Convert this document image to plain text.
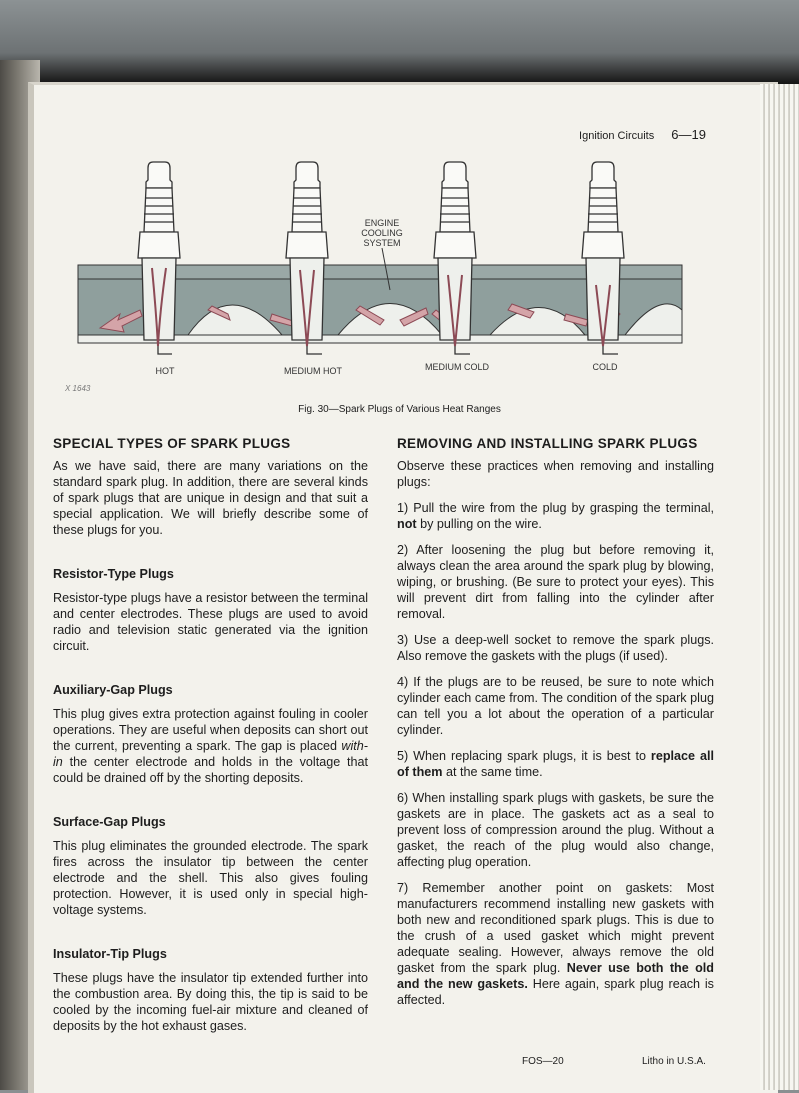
Ignition Circuits 6—19
ENGINE
COOLING
SYSTEM
HOT	MEDIUM HOT	MEDIUM COLD	COLD
X 1643
Fig. 30—Spark Plugs of Various Heat Ranges
SPECIAL TYPES OF SPARK PLUGS

As we have said, there are many variations on the standard spark plug. In addition, there are several kinds of spark plugs that are unique in design and that suit a special application. We will briefly describe some of these plugs for you.

Resistor-Type Plugs

Resistor-type plugs have a resistor between the terminal and center electrodes. These plugs are used to avoid radio and television static generated via the ignition circuit.

Auxiliary-Gap Plugs

This plug gives extra protection against fouling in cooler operations. They are useful when deposits can short out the current, preventing a spark. The gap is placed with-in the center electrode and holds in the voltage that could be drained off by the shorting deposits.

Surface-Gap Plugs

This plug eliminates the grounded electrode. The spark fires across the insulator tip between the center electrode and the shell. This also gives fouling protection. However, it is used only in special high-voltage systems.

Insulator-Tip Plugs

These plugs have the insulator tip extended further into the combustion area. By doing this, the tip is said to be cooled by the incoming fuel-air mixture and cleaned of deposits by the hot exhaust gases.

REMOVING AND INSTALLING SPARK PLUGS

Observe these practices when removing and installing plugs:

1) Pull the wire from the plug by grasping the terminal, not by pulling on the wire.

2) After loosening the plug but before removing it, always clean the area around the spark plug by blowing, wiping, or brushing. (Be sure to protect your eyes). This will prevent dirt from falling into the cylinder after removal.

3) Use a deep-well socket to remove the spark plugs. Also remove the gaskets with the plugs (if used).

4) If the plugs are to be reused, be sure to note which cylinder each came from. The condition of the spark plug can tell you a lot about the operation of a particular cylinder.

5) When replacing spark plugs, it is best to replace all of them at the same time.

6) When installing spark plugs with gaskets, be sure the gaskets are in place. The gaskets act as a seal to prevent loss of compression around the plug. Without a gasket, the reach of the plug would also change, affecting plug operation.

7) Remember another point on gaskets: Most manufacturers recommend installing new gaskets with both new and reconditioned spark plugs. This is due to the crush of a used gasket which might prevent adequate sealing. However, always remove the old gasket from the spark plug. Never use both the old and the new gaskets. Here again, spark plug reach is affected.

FOS—20	Litho in U.S.A.
